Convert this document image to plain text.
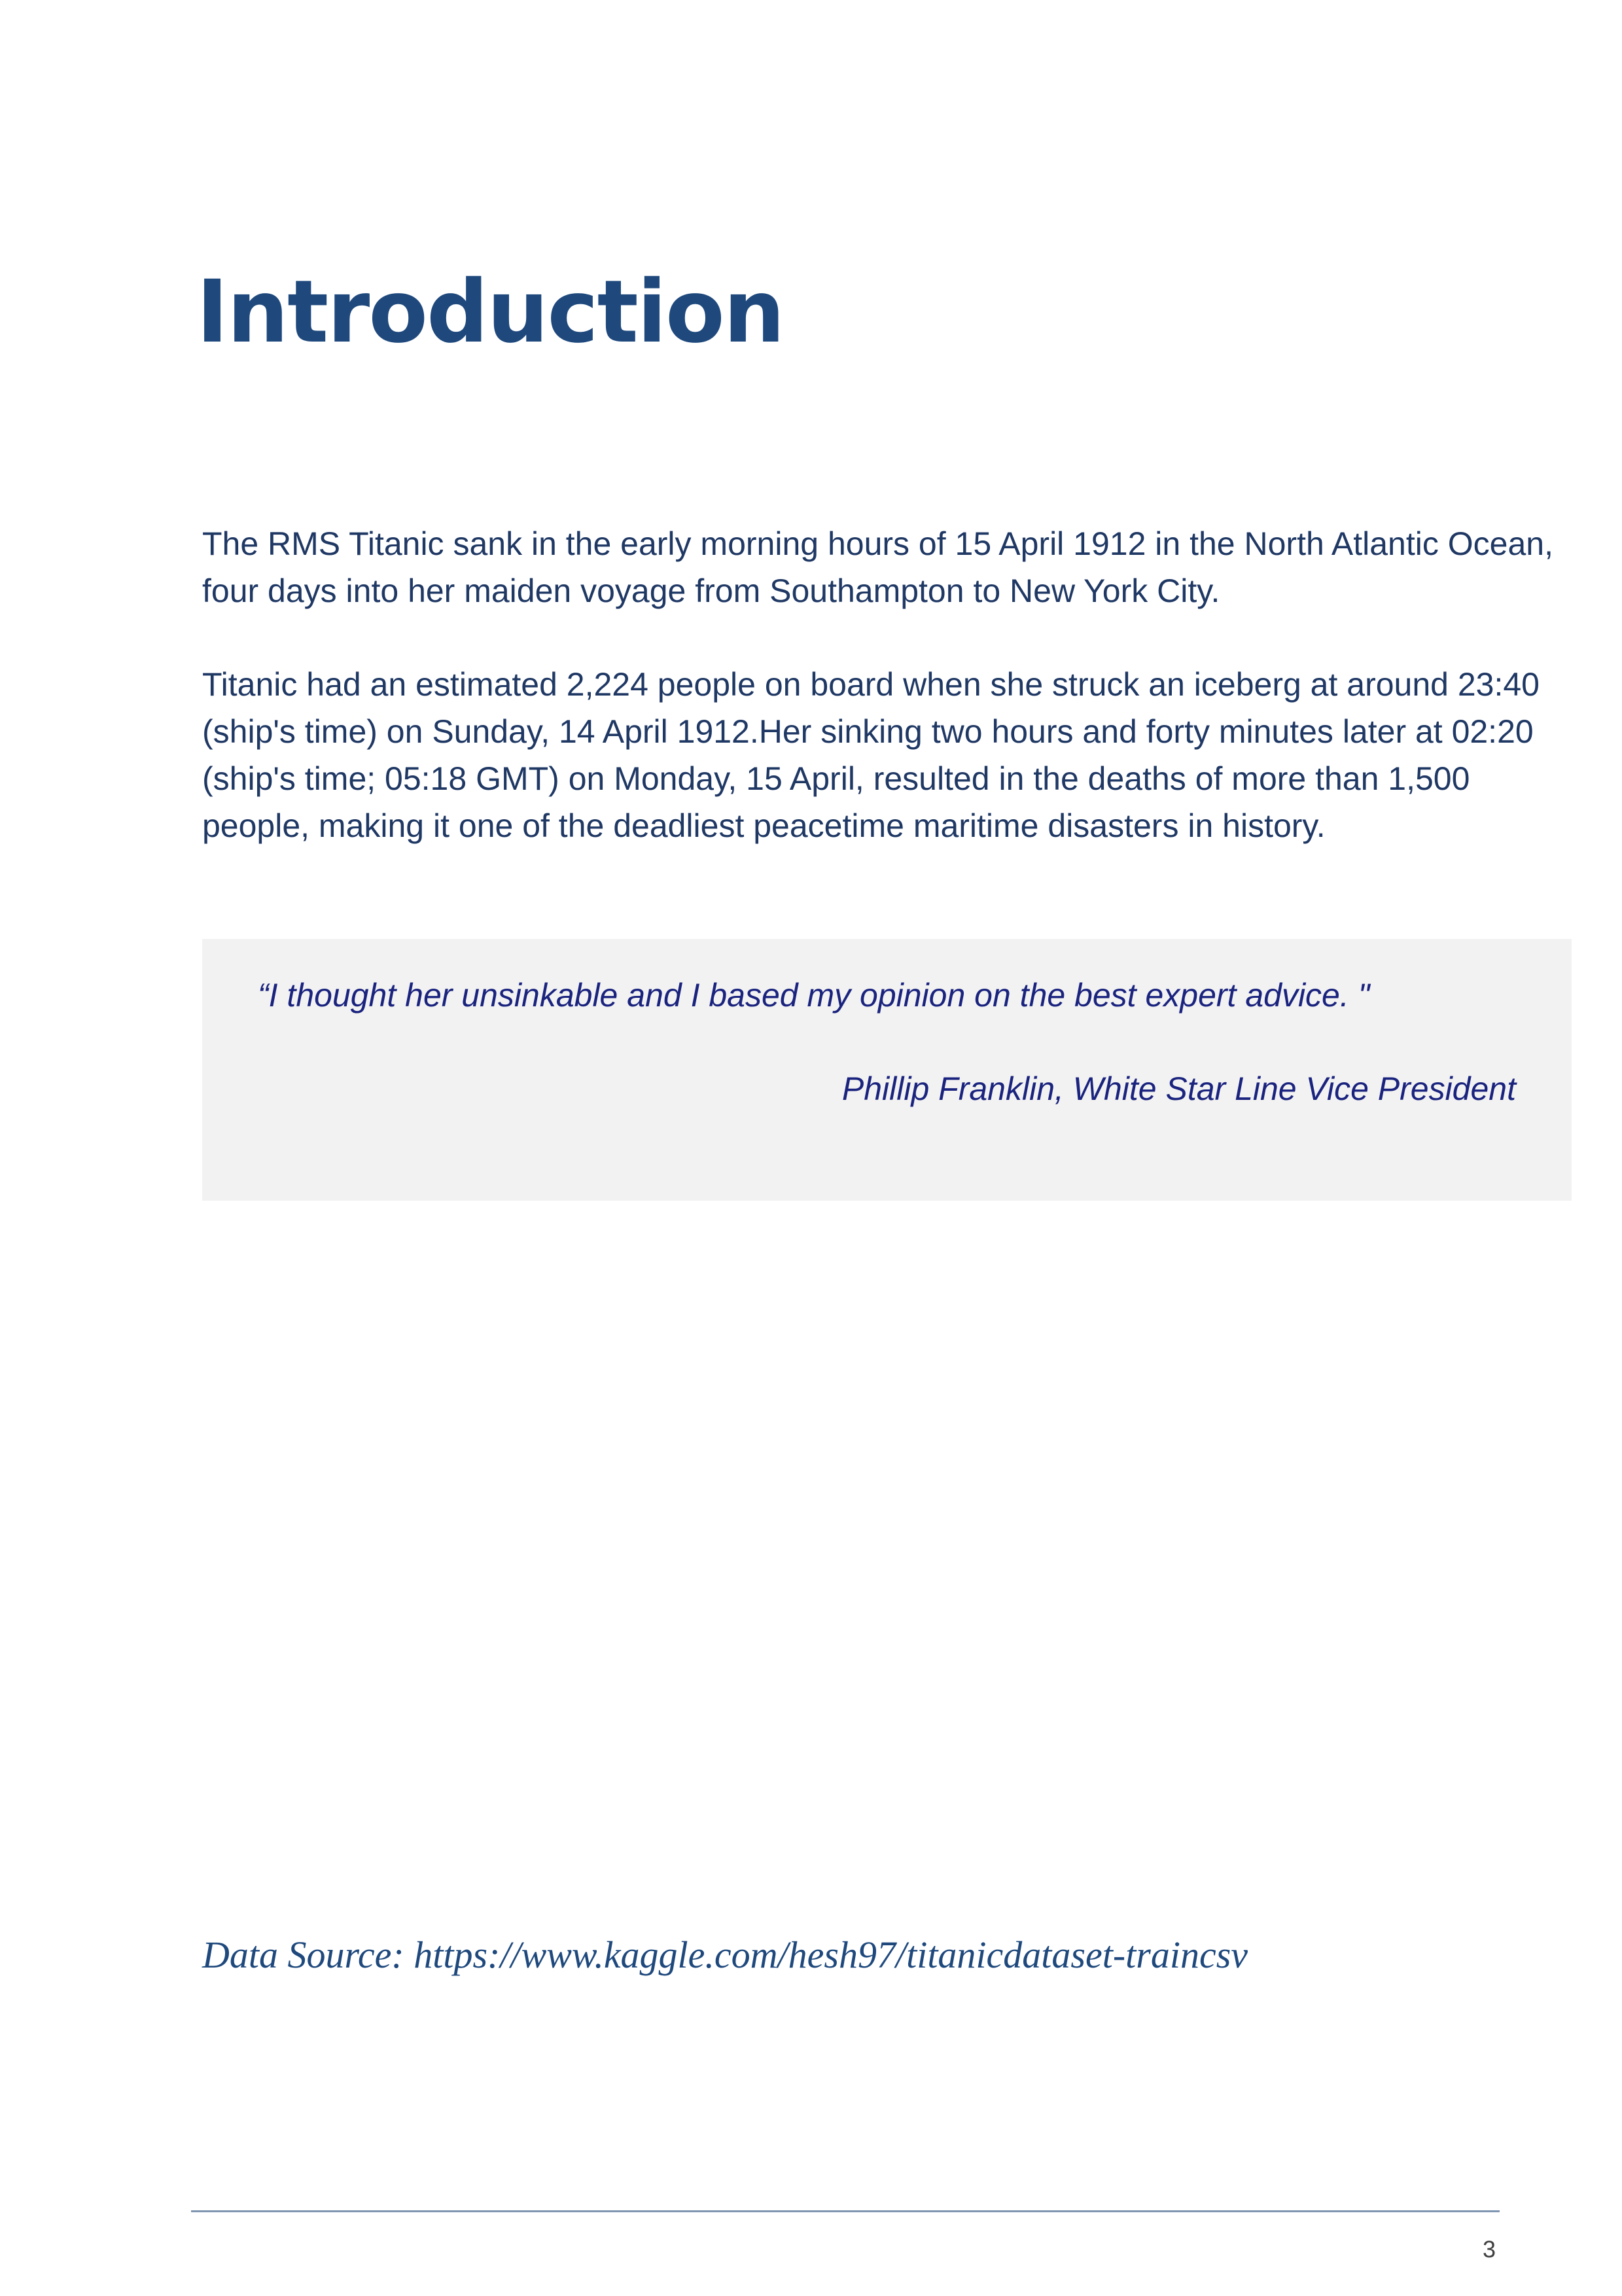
Introduction

The RMS Titanic sank in the early morning hours of 15 April 1912 in the North Atlantic Ocean, four days into her maiden voyage from Southampton to New York City.

Titanic had an estimated 2,224 people on board when she struck an iceberg at around 23:40 (ship's time) on Sunday, 14 April 1912.Her sinking two hours and forty minutes later at 02:20 (ship's time; 05:18 GMT) on Monday, 15 April, resulted in the deaths of more than 1,500 people, making it one of the deadliest peacetime maritime disasters in history.

“I thought her unsinkable and I based my opinion on the best expert advice. "

Phillip Franklin, White Star Line Vice President

Data Source: https://www.kaggle.com/hesh97/titanicdataset-traincsv

3
